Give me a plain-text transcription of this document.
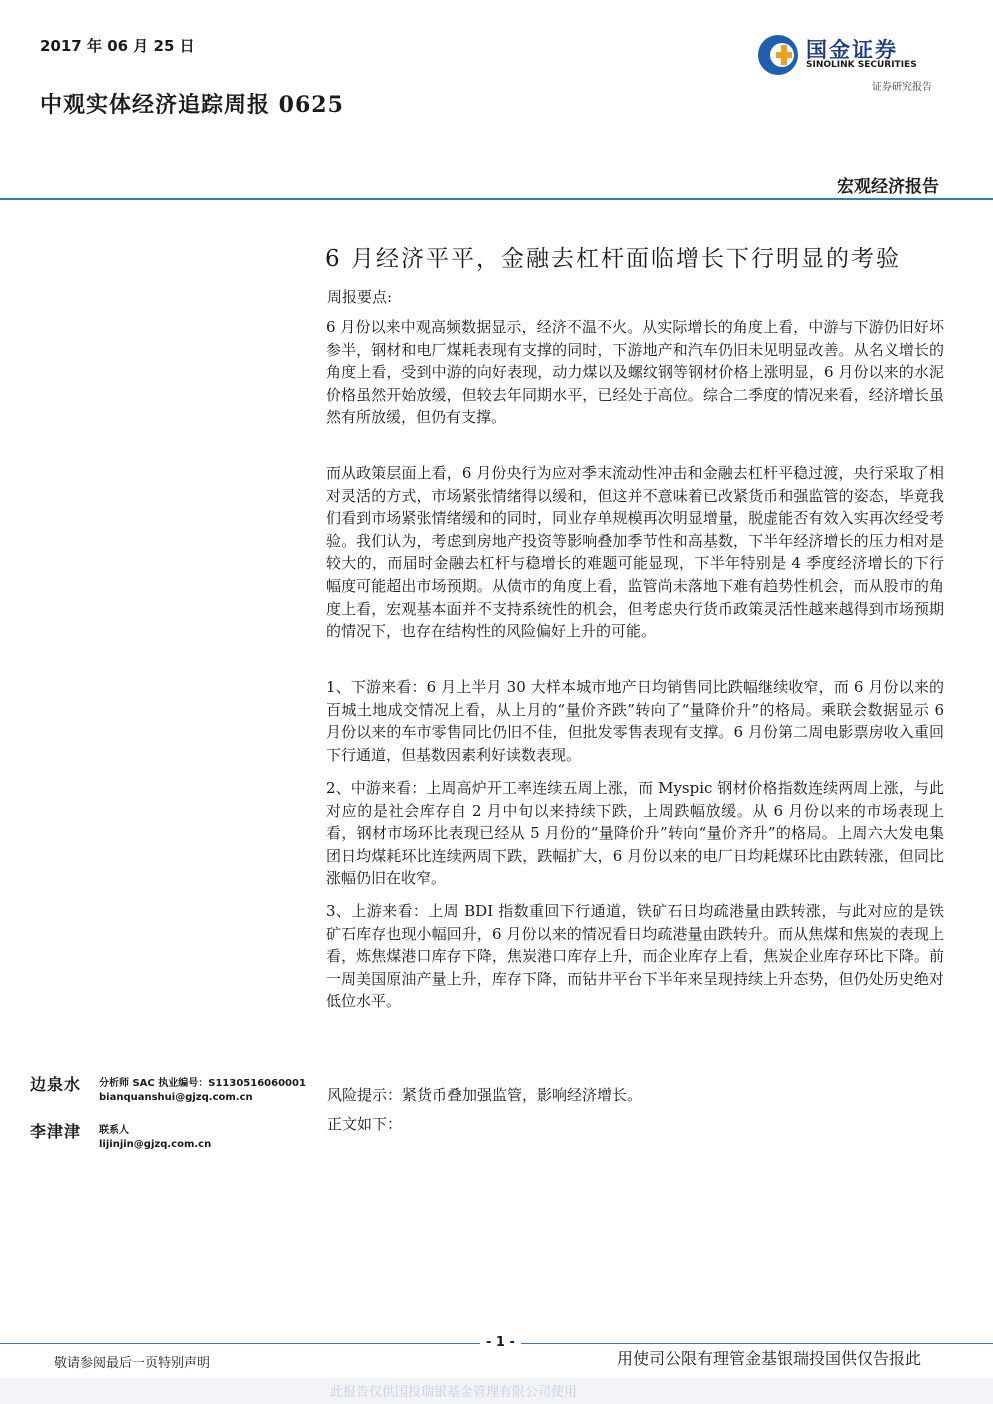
2017 年 06 月 25 日
中观实体经济追踪周报 0625
国金证券
SINOLINK SECURITIES
证券研究报告
宏观经济报告
6 月经济平平，金融去杠杆面临增长下行明显的考验
周报要点:

6 月份以来中观高频数据显示，经济不温不火。从实际增长的角度上看，中游与下游仍旧好坏参半，钢材和电厂煤耗表现有支撑的同时，下游地产和汽车仍旧未见明显改善。从名义增长的角度上看，受到中游的向好表现，动力煤以及螺纹钢等钢材价格上涨明显，6 月份以来的水泥价格虽然开始放缓，但较去年同期水平，已经处于高位。综合二季度的情况来看，经济增长虽然有所放缓，但仍有支撑。

而从政策层面上看，6 月份央行为应对季末流动性冲击和金融去杠杆平稳过渡，央行采取了相对灵活的方式，市场紧张情绪得以缓和，但这并不意味着已改紧货币和强监管的姿态，毕竟我们看到市场紧张情绪缓和的同时，同业存单规模再次明显增量，脱虚能否有效入实再次经受考验。我们认为，考虑到房地产投资等影响叠加季节性和高基数，下半年经济增长的压力相对是较大的，而届时金融去杠杆与稳增长的难题可能显现，下半年特别是 4 季度经济增长的下行幅度可能超出市场预期。从债市的角度上看，监管尚未落地下难有趋势性机会，而从股市的角度上看，宏观基本面并不支持系统性的机会，但考虑央行货币政策灵活性越来越得到市场预期的情况下，也存在结构性的风险偏好上升的可能。

1、下游来看：6 月上半月 30 大样本城市地产日均销售同比跌幅继续收窄，而 6 月份以来的百城土地成交情况上看，从上月的“量价齐跌”转向了“量降价升”的格局。乘联会数据显示 6 月份以来的车市零售同比仍旧不佳，但批发零售表现有支撑。6 月份第二周电影票房收入重回下行通道，但基数因素利好读数表现。

2、中游来看：上周高炉开工率连续五周上涨，而 Myspic 钢材价格指数连续两周上涨，与此对应的是社会库存自 2 月中旬以来持续下跌，上周跌幅放缓。从 6 月份以来的市场表现上看，钢材市场环比表现已经从 5 月份的“量降价升”转向“量价齐升”的格局。上周六大发电集团日均煤耗环比连续两周下跌，跌幅扩大，6 月份以来的电厂日均耗煤环比由跌转涨，但同比涨幅仍旧在收窄。

3、上游来看：上周 BDI 指数重回下行通道，铁矿石日均疏港量由跌转涨，与此对应的是铁矿石库存也现小幅回升，6 月份以来的情况看日均疏港量由跌转升。而从焦煤和焦炭的表现上看，炼焦煤港口库存下降，焦炭港口库存上升，而企业库存上看，焦炭企业库存环比下降。前一周美国原油产量上升，库存下降，而钻井平台下半年来呈现持续上升态势，但仍处历史绝对低位水平。

边泉水 分析师 SAC 执业编号：S1130516060001
bianquanshui@gjzq.com.cn
李津津 联系人
lijinjin@gjzq.com.cn
风险提示：紧货币叠加强监管，影响经济增长。
正文如下：
- 1 -
敬请参阅最后一页特别声明	用使司公限有理管金基银瑞投国供仅告报此
此报告仅供国投瑞银基金管理有限公司使用
